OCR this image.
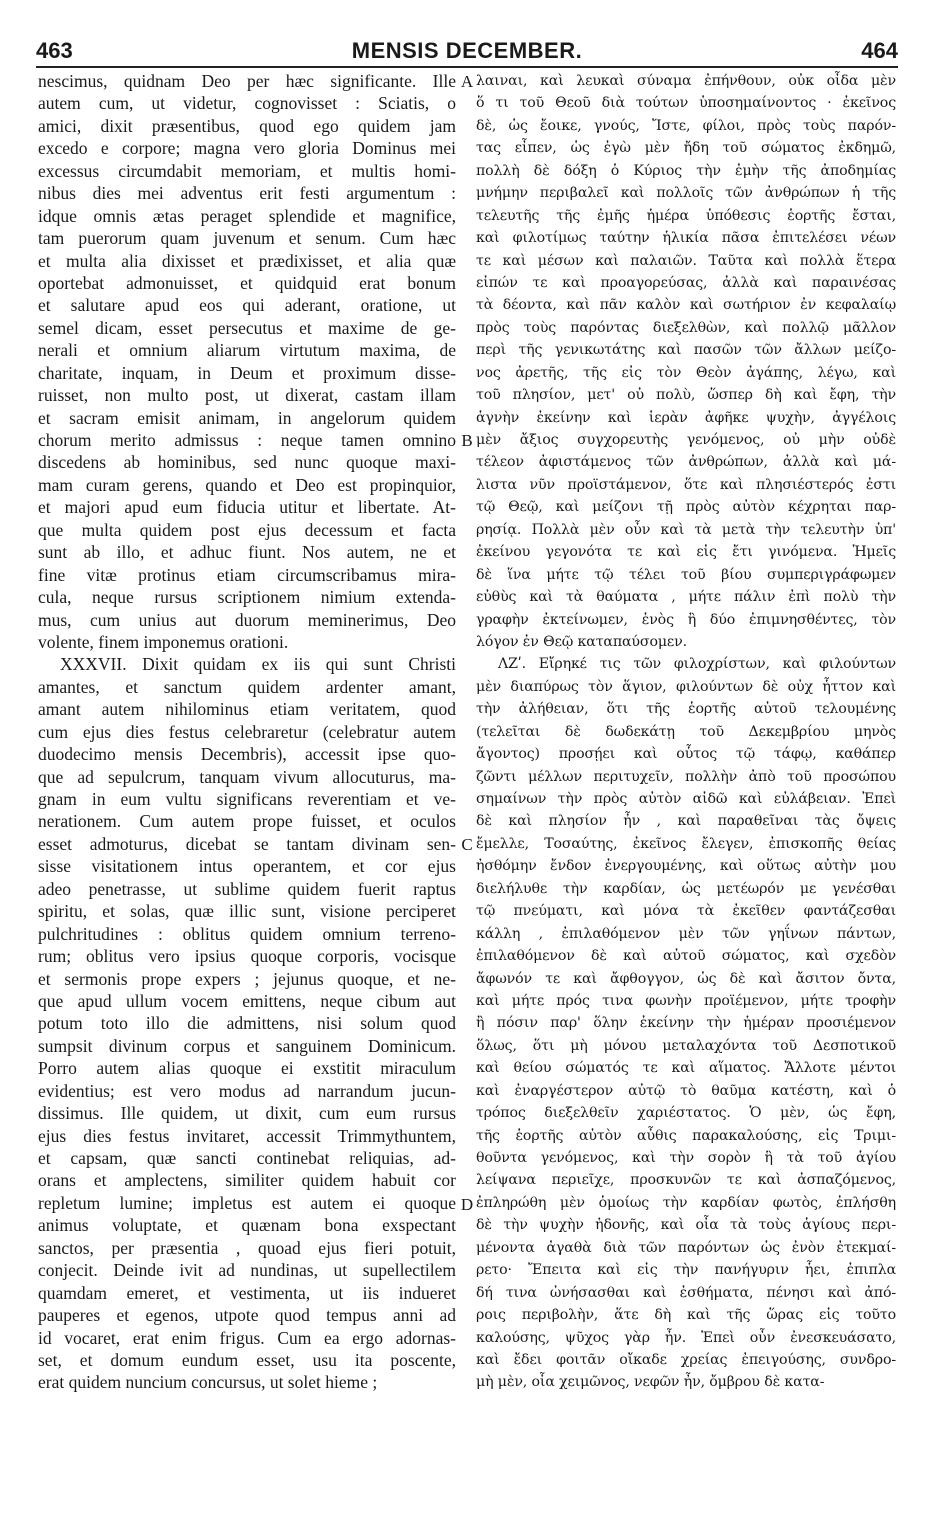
463	MENSIS DECEMBER.	464
nescimus, quidnam Deo per hæc significante. Ille
autem cum, ut videtur, cognovisset : Sciatis, o
amici, dixit præsentibus, quod ego quidem jam
excedo e corpore; magna vero gloria Dominus mei
excessus circumdabit memoriam, et multis homi-
nibus dies mei adventus erit festi argumentum :
idque omnis ætas peraget splendide et magnifice,
tam puerorum quam juvenum et senum. Cum hæc
et multa alia dixisset et prædixisset, et alia quæ
oportebat admonuisset, et quidquid erat bonum
et salutare apud eos qui aderant, oratione, ut
semel dicam, esset persecutus et maxime de ge-
nerali et omnium aliarum virtutum maxima, de
charitate, inquam, in Deum et proximum disse-
ruisset, non multo post, ut dixerat, castam illam
et sacram emisit animam, in angelorum quidem
chorum merito admissus : neque tamen omnino
discedens ab hominibus, sed nunc quoque maxi-
mam curam gerens, quando et Deo est propinquior,
et majori apud eum fiducia utitur et libertate. At-
que multa quidem post ejus decessum et facta
sunt ab illo, et adhuc fiunt. Nos autem, ne et
fine vitæ protinus etiam circumscribamus mira-
cula, neque rursus scriptionem nimium extenda-
mus, cum unius aut duorum meminerimus, Deo
volente, finem imponemus orationi.
XXXVII. Dixit quidam ex iis qui sunt Christi
amantes, et sanctum quidem ardenter amant,
amant autem nihilominus etiam veritatem, quod
cum ejus dies festus celebraretur (celebratur autem
duodecimo mensis Decembris), accessit ipse quo-
que ad sepulcrum, tanquam vivum allocuturus, ma-
gnam in eum vultu significans reverentiam et ve-
nerationem. Cum autem prope fuisset, et oculos
esset admoturus, dicebat se tantam divinam sen-
sisse visitationem intus operantem, et cor ejus
adeo penetrasse, ut sublime quidem fuerit raptus
spiritu, et solas, quæ illic sunt, visione perciperet
pulchritudines : oblitus quidem omnium terreno-
rum; oblitus vero ipsius quoque corporis, vocisque
et sermonis prope expers ; jejunus quoque, et ne-
que apud ullum vocem emittens, neque cibum aut
potum toto illo die admittens, nisi solum quod
sumpsit divinum corpus et sanguinem Dominicum.
Porro autem alias quoque ei exstitit miraculum
evidentius; est vero modus ad narrandum jucun-
dissimus. Ille quidem, ut dixit, cum eum rursus
ejus dies festus invitaret, accessit Trimmythuntem,
et capsam, quæ sancti continebat reliquias, ad-
orans et amplectens, similiter quidem habuit cor
repletum lumine; impletus est autem ei quoque
animus voluptate, et quænam bona exspectant
sanctos, per præsentia , quoad ejus fieri potuit,
conjecit. Deinde ivit ad nundinas, ut supellectilem
quamdam emeret, et vestimenta, ut iis indueret
pauperes et egenos, utpote quod tempus anni ad
id vocaret, erat enim frigus. Cum ea ergo adornas-
set, et domum eundum esset, usu ita poscente,
erat quidem nuncium concursus, ut solet hieme ;
A
B
C
D
λαιναι, καὶ λευκαὶ σύναμα ἐπήνθουν, οὐκ οἶδα μὲν
ὅ τι τοῦ Θεοῦ διὰ τούτων ὑποσημαίνοντος · ἐκεῖνος
δὲ, ὡς ἔοικε, γνούς, Ἴστε, φίλοι, πρὸς τοὺς παρόν-
τας εἶπεν, ὡς ἐγὼ μὲν ἤδη τοῦ σώματος ἐκδημῶ,
πολλὴ δὲ δόξη ὁ Κύριος τὴν ἐμὴν τῆς ἀποδημίας
μνήμην περιβαλεῖ καὶ πολλοῖς τῶν ἀνθρώπων ἡ τῆς
τελευτῆς τῆς ἐμῆς ἡμέρα ὑπόθεσις ἑορτῆς ἔσται,
καὶ φιλοτίμως ταύτην ἡλικία πᾶσα ἐπιτελέσει νέων
τε καὶ μέσων καὶ παλαιῶν. Ταῦτα καὶ πολλὰ ἕτερα
εἰπών τε καὶ προαγορεύσας, ἀλλὰ καὶ παραινέσας
τὰ δέοντα, καὶ πᾶν καλὸν καὶ σωτήριον ἐν κεφαλαίῳ
πρὸς τοὺς παρόντας διεξελθὼν, καὶ πολλῷ μᾶλλον
περὶ τῆς γενικωτάτης καὶ πασῶν τῶν ἄλλων μείζο-
νος ἀρετῆς, τῆς εἰς τὸν Θεὸν ἀγάπης, λέγω, καὶ
τοῦ πλησίον, μετ' οὐ πολὺ, ὥσπερ δὴ καὶ ἔφη, τὴν
ἁγνὴν ἐκείνην καὶ ἱερὰν ἀφῆκε ψυχὴν, ἀγγέλοις
μὲν ἄξιος συγχορευτὴς γενόμενος, οὐ μὴν οὐδὲ
τέλεον ἀφιστάμενος τῶν ἀνθρώπων, ἀλλὰ καὶ μά-
λιστα νῦν προϊστάμενον, ὅτε καὶ πλησιέστερός ἐστι
τῷ Θεῷ, καὶ μείζονι τῇ πρὸς αὐτὸν κέχρηται παρ-
ρησίᾳ. Πολλὰ μὲν οὖν καὶ τὰ μετὰ τὴν τελευτὴν ὑπ'
ἐκείνου γεγονότα τε καὶ εἰς ἔτι γινόμενα. Ἡμεῖς
δὲ ἵνα μήτε τῷ τέλει τοῦ βίου συμπεριγράφωμεν
εὐθὺς καὶ τὰ θαύματα , μήτε πάλιν ἐπὶ πολὺ τὴν
γραφὴν ἐκτείνωμεν, ἑνὸς ἢ δύο ἐπιμνησθέντες, τὸν
λόγον ἐν Θεῷ καταπαύσομεν.
ΛΖʹ. Εἴρηκέ τις τῶν φιλοχρίστων, καὶ φιλούντων
μὲν διαπύρως τὸν ἅγιον, φιλούντων δὲ οὐχ ἧττον καὶ
τὴν ἀλήθειαν, ὅτι τῆς ἑορτῆς αὐτοῦ τελουμένης
(τελεῖται δὲ δωδεκάτῃ τοῦ Δεκεμβρίου μηνὸς
ἄγοντος) προσῄει καὶ οὗτος τῷ τάφῳ, καθάπερ
ζῶντι μέλλων περιτυχεῖν, πολλὴν ἀπὸ τοῦ προσώπου
σημαίνων τὴν πρὸς αὐτὸν αἰδῶ καὶ εὐλάβειαν. Ἐπεὶ
δὲ καὶ πλησίον ἦν , καὶ παραθεῖναι τὰς ὄψεις
ἔμελλε, Τοσαύτης, ἐκεῖνος ἔλεγεν, ἐπισκοπῆς θείας
ἠσθόμην ἔνδον ἐνεργουμένης, καὶ οὕτως αὐτὴν μου
διελήλυθε τὴν καρδίαν, ὡς μετέωρόν με γενέσθαι
τῷ πνεύματι, καὶ μόνα τὰ ἐκεῖθεν φαντάζεσθαι
κάλλη , ἐπιλαθόμενον μὲν τῶν γηΐνων πάντων,
ἐπιλαθόμενον δὲ καὶ αὐτοῦ σώματος, καὶ σχεδὸν
ἄφωνόν τε καὶ ἄφθογγον, ὡς δὲ καὶ ἄσιτον ὄντα,
καὶ μήτε πρός τινα φωνὴν προϊέμενον, μήτε τροφὴν
ἢ πόσιν παρ' ὅλην ἐκείνην τὴν ἡμέραν προσιέμενον
ὅλως, ὅτι μὴ μόνου μεταλαχόντα τοῦ Δεσποτικοῦ
καὶ θείου σώματός τε καὶ αἵματος. Ἄλλοτε μέντοι
καὶ ἐναργέστερον αὐτῷ τὸ θαῦμα κατέστη, καὶ ὁ
τρόπος διεξελθεῖν χαριέστατος. Ὁ μὲν, ὡς ἔφη,
τῆς ἑορτῆς αὐτὸν αὖθις παρακαλούσης, εἰς Τριμι-
θοῦντα γενόμενος, καὶ τὴν σορὸν ἣ τὰ τοῦ ἁγίου
λείψανα περιεῖχε, προσκυνῶν τε καὶ ἀσπαζόμενος,
ἐπληρώθη μὲν ὁμοίως τὴν καρδίαν φωτὸς, ἐπλήσθη
δὲ τὴν ψυχὴν ἡδονῆς, καὶ οἷα τὰ τοὺς ἁγίους περι-
μένοντα ἀγαθὰ διὰ τῶν παρόντων ὡς ἐνὸν ἐτεκμαί-
ρετο· Ἔπειτα καὶ εἰς τὴν πανήγυριν ἧει, ἐπιπλα
δή τινα ὠνήσασθαι καὶ ἐσθήματα, πένησι καὶ ἀπό-
ροις περιβολὴν, ἅτε δὴ καὶ τῆς ὥρας εἰς τοῦτο
καλούσης, ψῦχος γὰρ ἦν. Ἐπεὶ οὖν ἐνεσκευάσατο,
καὶ ἔδει φοιτᾶν οἴκαδε χρείας ἐπειγούσης, συνδρο-
μὴ μὲν, οἷα χειμῶνος, νεφῶν ἦν, ὄμβρου δὲ κατα-
